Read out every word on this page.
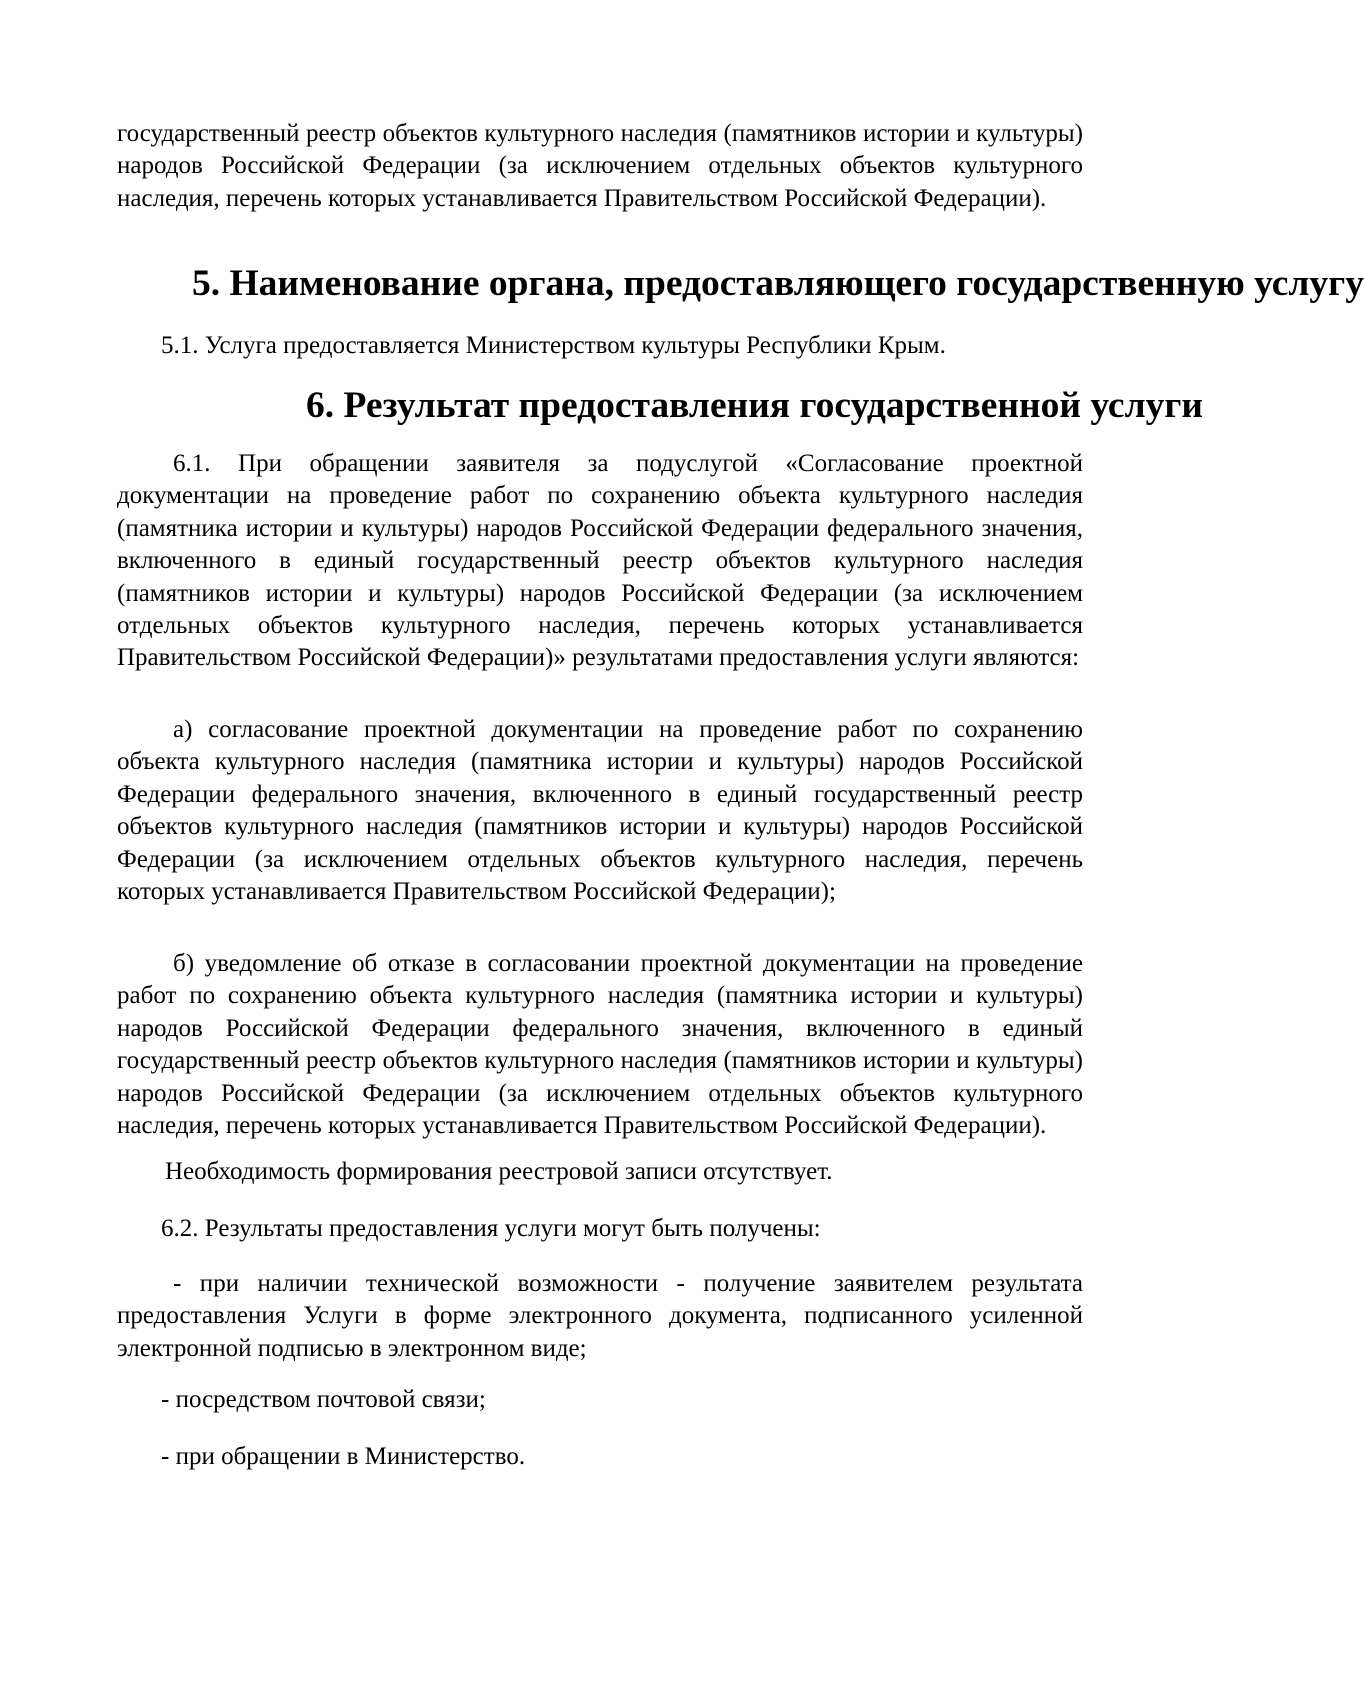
государственный реестр объектов культурного наследия (памятников истории и культуры) народов Российской Федерации (за исключением отдельных объектов культурного наследия, перечень которых устанавливается Правительством Российской Федерации).

5. Наименование органа, предоставляющего государственную услугу

5.1. Услуга предоставляется Министерством культуры Республики Крым.

6. Результат предоставления государственной услуги

6.1. При обращении заявителя за подуслугой «Согласование проектной документации на проведение работ по сохранению объекта культурного наследия (памятника истории и культуры) народов Российской Федерации федерального значения, включенного в единый государственный реестр объектов культурного наследия (памятников истории и культуры) народов Российской Федерации (за исключением отдельных объектов культурного наследия, перечень которых устанавливается Правительством Российской Федерации)» результатами предоставления услуги являются:

а) согласование проектной документации на проведение работ по сохранению объекта культурного наследия (памятника истории и культуры) народов Российской Федерации федерального значения, включенного в единый государственный реестр объектов культурного наследия (памятников истории и культуры) народов Российской Федерации (за исключением отдельных объектов культурного наследия, перечень которых устанавливается Правительством Российской Федерации);

б) уведомление об отказе в согласовании проектной документации на проведение работ по сохранению объекта культурного наследия (памятника истории и культуры) народов Российской Федерации федерального значения, включенного в единый государственный реестр объектов культурного наследия (памятников истории и культуры) народов Российской Федерации (за исключением отдельных объектов культурного наследия, перечень которых устанавливается Правительством Российской Федерации).

Необходимость формирования реестровой записи отсутствует.

6.2. Результаты предоставления услуги могут быть получены:

- при наличии технической возможности - получение заявителем результата предоставления Услуги в форме электронного документа, подписанного усиленной электронной подписью в электронном виде;

- посредством почтовой связи;

- при обращении в Министерство.
